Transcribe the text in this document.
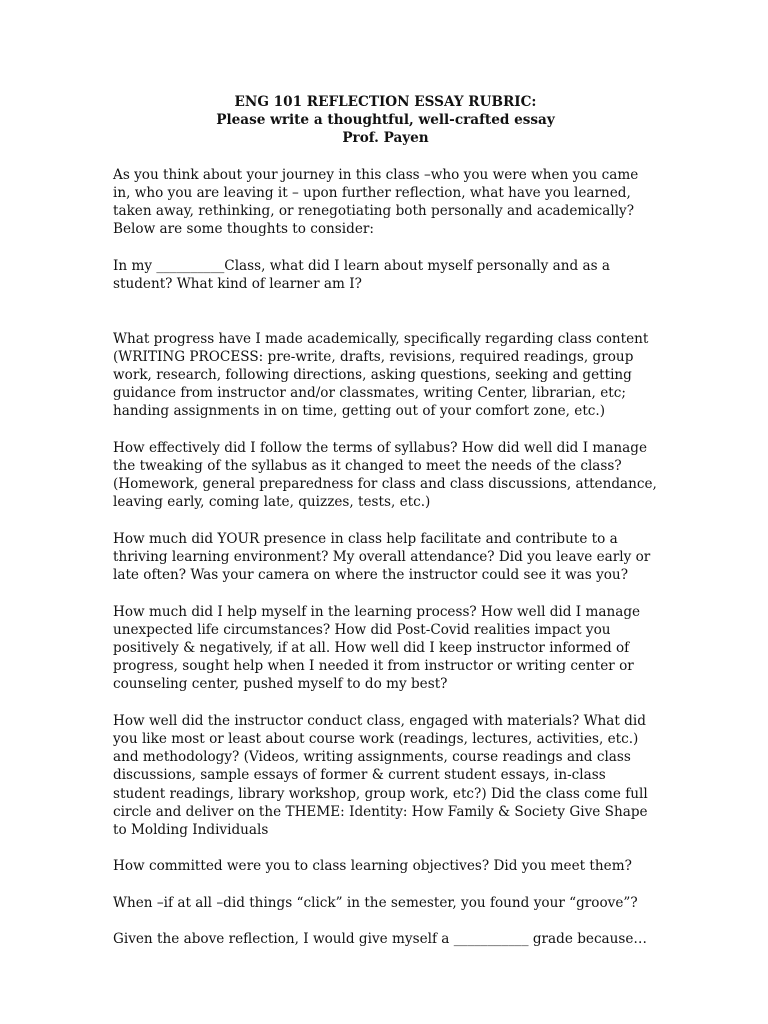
ENG 101 REFLECTION ESSAY RUBRIC:

Please write a thoughtful, well-crafted essay

Prof. Payen

As you think about your journey in this class –who you were when you came in, who you are leaving it – upon further reflection, what have you learned, taken away, rethinking, or renegotiating both personally and academically? Below are some thoughts to consider:

In my __________Class, what did I learn about myself personally and as a student? What kind of learner am I?

What progress have I made academically, specifically regarding class content (WRITING PROCESS: pre-write, drafts, revisions, required readings, group work, research, following directions, asking questions, seeking and getting guidance from instructor and/or classmates, writing Center, librarian, etc; handing assignments in on time, getting out of your comfort zone, etc.)

How effectively did I follow the terms of syllabus? How did well did I manage the tweaking of the syllabus as it changed to meet the needs of the class?

(Homework, general preparedness for class and class discussions, attendance, leaving early, coming late, quizzes, tests, etc.)

How much did YOUR presence in class help facilitate and contribute to a thriving learning environment? My overall attendance? Did you leave early or late often? Was your camera on where the instructor could see it was you?

How much did I help myself in the learning process? How well did I manage unexpected life circumstances? How did Post-Covid realities impact you positively & negatively, if at all. How well did I keep instructor informed of progress, sought help when I needed it from instructor or writing center or counseling center, pushed myself to do my best?

How well did the instructor conduct class, engaged with materials? What did you like most or least about course work (readings, lectures, activities, etc.) and methodology? (Videos, writing assignments, course readings and class discussions, sample essays of former & current student essays, in-class student readings, library workshop, group work, etc?) Did the class come full circle and deliver on the THEME: Identity: How Family & Society Give Shape to Molding Individuals

How committed were you to class learning objectives? Did you meet them?

When –if at all –did things “click” in the semester, you found your “groove”?

Given the above reflection, I would give myself a ___________ grade because…
